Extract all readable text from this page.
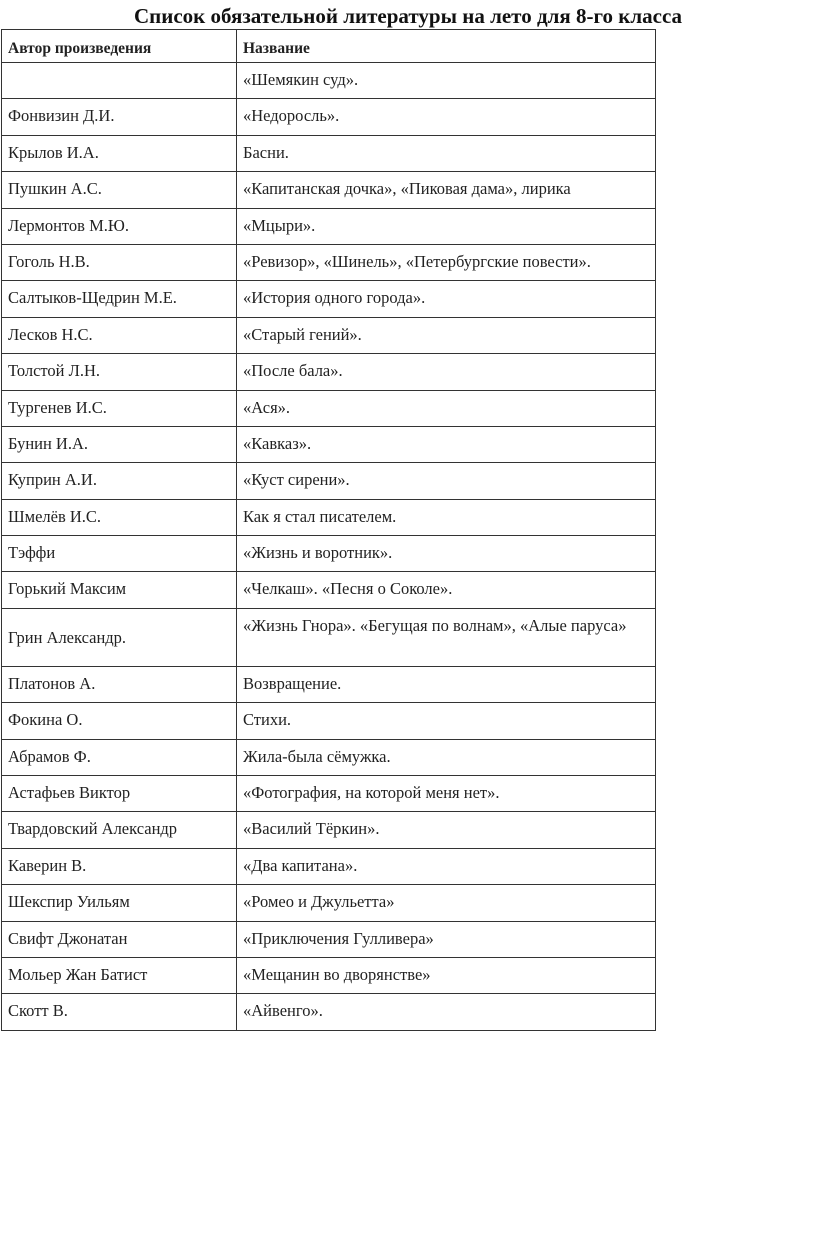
Список обязательной литературы на лето для 8-го класса
Автор произведения	Название
	«Шемякин суд».
Фонвизин Д.И.	«Недоросль».
Крылов И.А.	Басни.
Пушкин А.С.	«Капитанская дочка», «Пиковая дама», лирика
Лермонтов М.Ю.	«Мцыри».
Гоголь Н.В.	«Ревизор», «Шинель», «Петербургские повести».
Салтыков-Щедрин М.Е.	«История одного города».
Лесков Н.С.	«Старый гений».
Толстой Л.Н.	«После бала».
Тургенев И.С.	«Ася».
Бунин И.А.	«Кавказ».
Куприн А.И.	«Куст сирени».
Шмелёв И.С.	Как я стал писателем.
Тэффи	«Жизнь и воротник».
Горький Максим	«Челкаш». «Песня о Соколе».
Грин Александр.	«Жизнь Гнора». «Бегущая по волнам», «Алые паруса»
Платонов А.	Возвращение.
Фокина О.	Стихи.
Абрамов Ф.	Жила-была сёмужка.
Астафьев Виктор	«Фотография, на которой меня нет».
Твардовский Александр	«Василий Тёркин».
Каверин В.	«Два капитана».
Шекспир Уильям	«Ромео и Джульетта»
Свифт Джонатан	«Приключения Гулливера»
Мольер Жан Батист	«Мещанин во дворянстве»
Скотт В.	«Айвенго».
